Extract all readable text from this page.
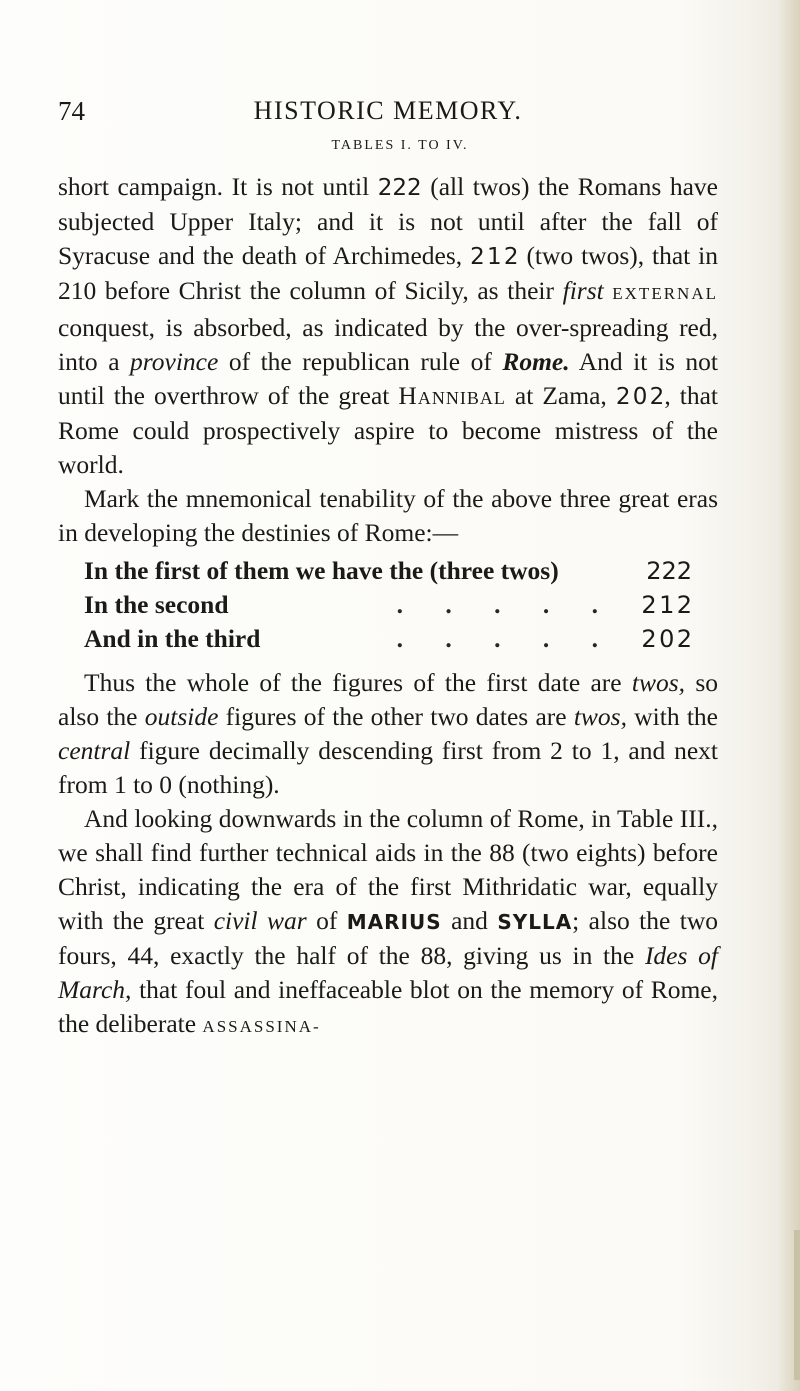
74	HISTORIC MEMORY.
TABLES I. TO IV.

short campaign. It is not until 222 (all twos) the Romans have subjected Upper Italy; and it is not until after the fall of Syracuse and the death of Archimedes, 2 1 2 (two twos), that in 210 before Christ the column of Sicily, as their first EXTERNAL conquest, is absorbed, as indicated by the over-spreading red, into a province of the republican rule of Rome. And it is not until the overthrow of the great Hannibal at Zama, 2 0 2, that Rome could prospectively aspire to become mistress of the world.

Mark the mnemonical tenability of the above three great eras in developing the destinies of Rome:—

In the first of them we have the (three twos)	222
In the second	. . . . .	2 1 2
And in the third	. . . . .	2 0 2

Thus the whole of the figures of the first date are twos, so also the outside figures of the other two dates are twos, with the central figure decimally descending first from 2 to 1, and next from 1 to 0 (nothing).

And looking downwards in the column of Rome, in Table III., we shall find further technical aids in the 88 (two eights) before Christ, indicating the era of the first Mithridatic war, equally with the great civil war of MARIUS and SYLLA; also the two fours, 44, exactly the half of the 88, giving us in the Ides of March, that foul and ineffaceable blot on the memory of Rome, the deliberate ASSASSINA-
